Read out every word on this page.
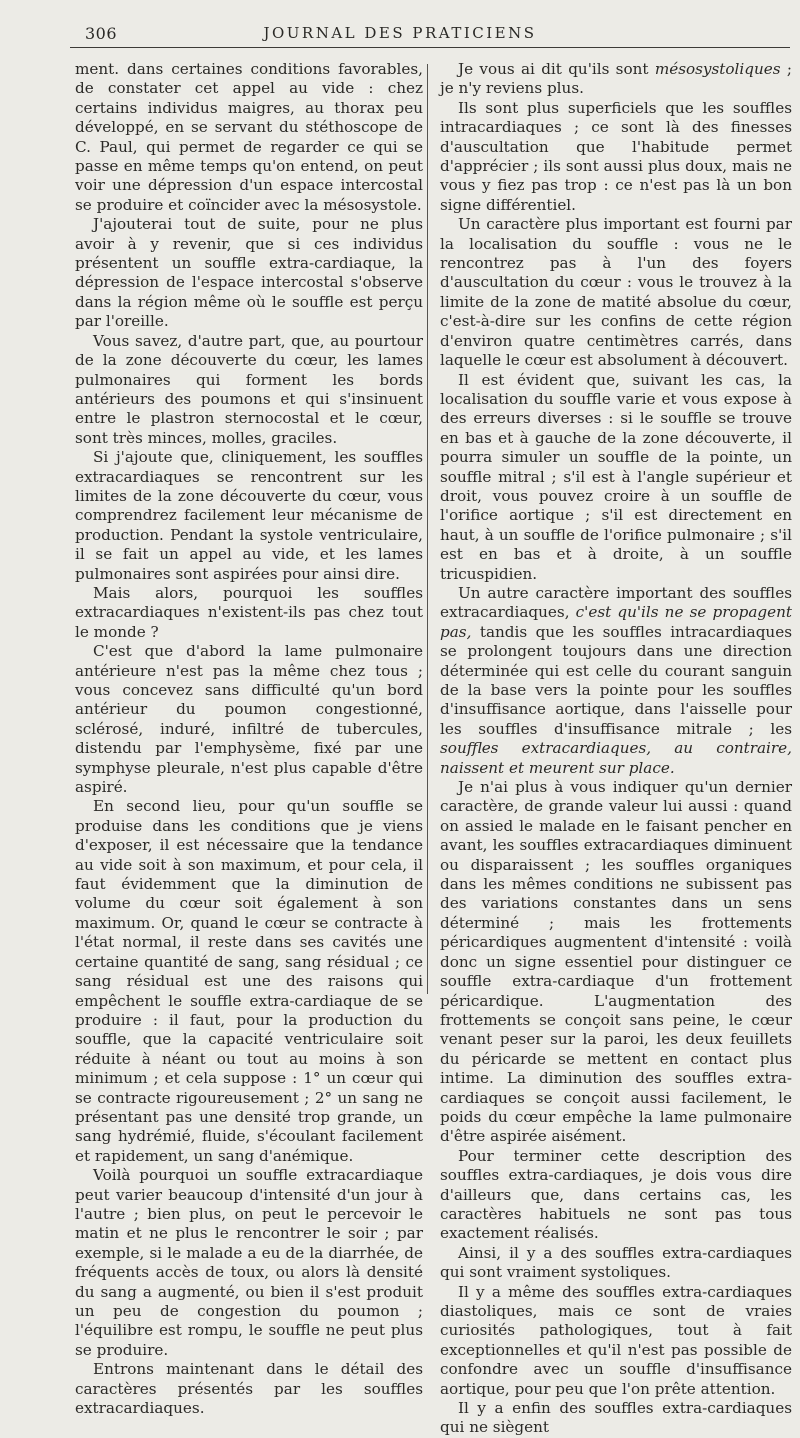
306	JOURNAL DES PRATICIENS

ment. dans certaines conditions favorables, de constater cet appel au vide : chez certains individus maigres, au thorax peu développé, en se servant du stéthoscope de C. Paul, qui permet de regarder ce qui se passe en même temps qu'on entend, on peut voir une dépression d'un espace intercostal se produire et coïncider avec la mésosystole.

J'ajouterai tout de suite, pour ne plus avoir à y revenir, que si ces individus présentent un souffle extra-cardiaque, la dépression de l'espace intercostal s'observe dans la région même où le souffle est perçu par l'oreille.

Vous savez, d'autre part, que, au pourtour de la zone découverte du cœur, les lames pulmonaires qui forment les bords antérieurs des poumons et qui s'insinuent entre le plastron sternocostal et le cœur, sont très minces, molles, graciles.

Si j'ajoute que, cliniquement, les souffles extracardiaques se rencontrent sur les limites de la zone découverte du cœur, vous comprendrez facilement leur mécanisme de production. Pendant la systole ventriculaire, il se fait un appel au vide, et les lames pulmonaires sont aspirées pour ainsi dire.

Mais alors, pourquoi les souffles extracardiaques n'existent-ils pas chez tout le monde ?

C'est que d'abord la lame pulmonaire antérieure n'est pas la même chez tous ; vous concevez sans difficulté qu'un bord antérieur du poumon congestionné, sclérosé, induré, infiltré de tubercules, distendu par l'emphysème, fixé par une symphyse pleurale, n'est plus capable d'être aspiré.

En second lieu, pour qu'un souffle se produise dans les conditions que je viens d'exposer, il est nécessaire que la tendance au vide soit à son maximum, et pour cela, il faut évidemment que la diminution de volume du cœur soit également à son maximum. Or, quand le cœur se contracte à l'état normal, il reste dans ses cavités une certaine quantité de sang, sang résidual ; ce sang résidual est une des raisons qui empêchent le souffle extra-cardiaque de se produire : il faut, pour la production du souffle, que la capacité ventriculaire soit réduite à néant ou tout au moins à son minimum ; et cela suppose : 1° un cœur qui se contracte rigoureusement ; 2° un sang ne présentant pas une densité trop grande, un sang hydrémié, fluide, s'écoulant facilement et rapidement, un sang d'anémique.

Voilà pourquoi un souffle extracardiaque peut varier beaucoup d'intensité d'un jour à l'autre ; bien plus, on peut le percevoir le matin et ne plus le rencontrer le soir ; par exemple, si le malade a eu de la diarrhée, de fréquents accès de toux, ou alors là densité du sang a augmenté, ou bien il s'est produit un peu de congestion du poumon ; l'équilibre est rompu, le souffle ne peut plus se produire.

Entrons maintenant dans le détail des caractères présentés par les souffles extracardiaques.

Je vous ai dit qu'ils sont mésosystoliques ; je n'y reviens plus.

Ils sont plus superficiels que les souffles intracardiaques ; ce sont là des finesses d'auscultation que l'habitude permet d'apprécier ; ils sont aussi plus doux, mais ne vous y fiez pas trop : ce n'est pas là un bon signe différentiel.

Un caractère plus important est fourni par la localisation du souffle : vous ne le rencontrez pas à l'un des foyers d'auscultation du cœur : vous le trouvez à la limite de la zone de matité absolue du cœur, c'est-à-dire sur les confins de cette région d'environ quatre centimètres carrés, dans laquelle le cœur est absolument à découvert.

Il est évident que, suivant les cas, la localisation du souffle varie et vous expose à des erreurs diverses : si le souffle se trouve en bas et à gauche de la zone découverte, il pourra simuler un souffle de la pointe, un souffle mitral ; s'il est à l'angle supérieur et droit, vous pouvez croire à un souffle de l'orifice aortique ; s'il est directement en haut, à un souffle de l'orifice pulmonaire ; s'il est en bas et à droite, à un souffle tricuspidien.

Un autre caractère important des souffles extracardiaques, c'est qu'ils ne se propagent pas, tandis que les souffles intracardiaques se prolongent toujours dans une direction déterminée qui est celle du courant sanguin de la base vers la pointe pour les souffles d'insuffisance aortique, dans l'aisselle pour les souffles d'insuffisance mitrale ; les souffles extracardiaques, au contraire, naissent et meurent sur place.

Je n'ai plus à vous indiquer qu'un dernier caractère, de grande valeur lui aussi : quand on assied le malade en le faisant pencher en avant, les souffles extracardiaques diminuent ou disparaissent ; les souffles organiques dans les mêmes conditions ne subissent pas des variations constantes dans un sens déterminé ; mais les frottements péricardiques augmentent d'intensité : voilà donc un signe essentiel pour distinguer ce souffle extra-cardiaque d'un frottement péricardique. L'augmentation des frottements se conçoit sans peine, le cœur venant peser sur la paroi, les deux feuillets du péricarde se mettent en contact plus intime. La diminution des souffles extra-cardiaques se conçoit aussi facilement, le poids du cœur empêche la lame pulmonaire d'être aspirée aisément.

Pour terminer cette description des souffles extra-cardiaques, je dois vous dire d'ailleurs que, dans certains cas, les caractères habituels ne sont pas tous exactement réalisés.

Ainsi, il y a des souffles extra-cardiaques qui sont vraiment systoliques.

Il y a même des souffles extra-cardiaques diastoliques, mais ce sont de vraies curiosités pathologiques, tout à fait exceptionnelles et qu'il n'est pas possible de confondre avec un souffle d'insuffisance aortique, pour peu que l'on prête attention.

Il y a enfin des souffles extra-cardiaques qui ne siègent
